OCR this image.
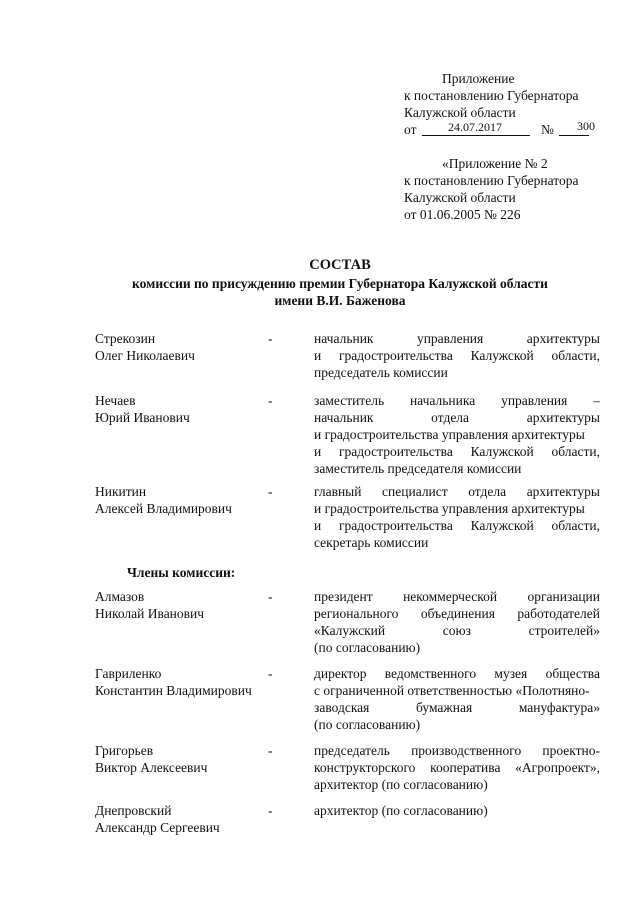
Приложение
к постановлению Губернатора
Калужской области
от	24.07.2017	№ 300
«Приложение № 2
к постановлению Губернатора
Калужской области
от 01.06.2005 № 226
СОСТАВ
комиссии по присуждению премии Губернатора Калужской области
имени В.И. Баженова
Стрекозин
Олег Николаевич
-	начальник	управления	архитектуры
и градостроительства Калужской области,
председатель комиссии
Нечаев
Юрий Иванович
-	заместитель начальника управления –
начальник	отдела	архитектуры
и градостроительства управления архитектуры
и градостроительства Калужской области,
заместитель председателя комиссии
Никитин
Алексей Владимирович
-	главный специалист отдела архитектуры
и градостроительства управления архитектуры
и градостроительства Калужской области,
секретарь комиссии
Члены комиссии:
Алмазов
Николай Иванович
-	президент некоммерческой организации
регионального объединения работодателей
«Калужский	союз	строителей»
(по согласованию)
Гавриленко
Константин Владимирович
-	директор ведомственного музея общества
с ограниченной ответственностью «Полотняно-
заводская	бумажная	мануфактура»
(по согласованию)
Григорьев
Виктор Алексеевич
-	председатель производственного проектно-
конструкторского кооператива «Агропроект»,
архитектор (по согласованию)
Днепровский
Александр Сергеевич
-	архитектор (по согласованию)
